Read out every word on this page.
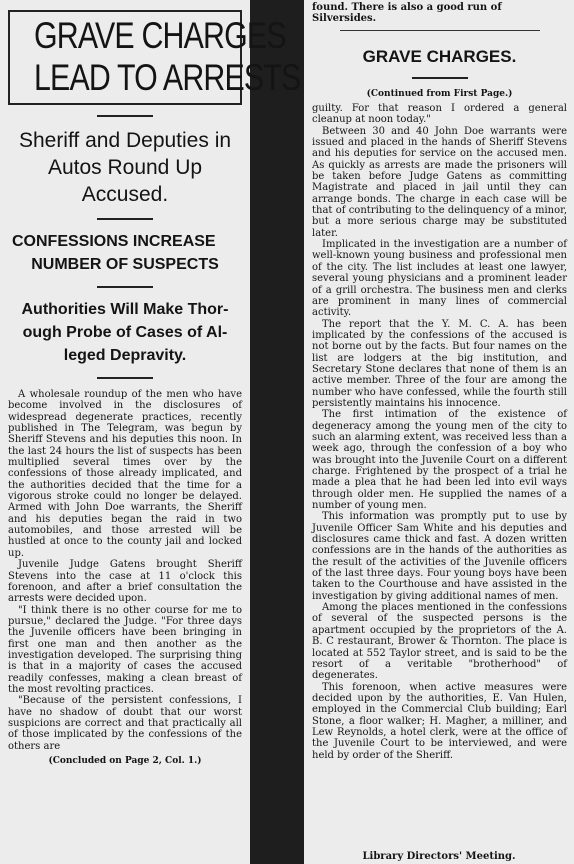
GRAVE CHARGES
LEAD TO ARRESTS
Sheriff and Deputies in
Autos Round Up
Accused.
CONFESSIONS INCREASE
NUMBER OF SUSPECTS
Authorities Will Make Thor-
ough Probe of Cases of Al-
leged Depravity.

A wholesale roundup of the men who have become involved in the disclosures of widespread degenerate practices, recently published in The Telegram, was begun by Sheriff Stevens and his deputies this noon. In the last 24 hours the list of suspects has been multiplied several times over by the confessions of those already implicated, and the authorities decided that the time for a vigorous stroke could no longer be delayed. Armed with John Doe warrants, the Sheriff and his deputies began the raid in two automobiles, and those arrested will be hustled at once to the county jail and locked up.

Juvenile Judge Gatens brought Sheriff Stevens into the case at 11 o'clock this forenoon, and after a brief consultation the arrests were decided upon.

"I think there is no other course for me to pursue," declared the Judge. "For three days the Juvenile officers have been bringing in first one man and then another as the investigation developed. The surprising thing is that in a majority of cases the accused readily confesses, making a clean breast of the most revolting practices.

"Because of the persistent confessions, I have no shadow of doubt that our worst suspicions are correct and that practically all of those implicated by the confessions of the others are

(Concluded on Page 2, Col. 1.)

found. There is also a good run of

Silversides.

GRAVE CHARGES.
(Continued from First Page.)

guilty. For that reason I ordered a general cleanup at noon today."

Between 30 and 40 John Doe warrants were issued and placed in the hands of Sheriff Stevens and his deputies for service on the accused men. As quickly as arrests are made the prisoners will be taken before Judge Gatens as committing Magistrate and placed in jail until they can arrange bonds. The charge in each case will be that of contributing to the delinquency of a minor, but a more serious charge may be substituted later.

Implicated in the investigation are a number of well-known young business and professional men of the city. The list includes at least one lawyer, several young physicians and a prominent leader of a grill orchestra. The business men and clerks are prominent in many lines of commercial activity.

The report that the Y. M. C. A. has been implicated by the confessions of the accused is not borne out by the facts. But four names on the list are lodgers at the big institution, and Secretary Stone declares that none of them is an active member. Three of the four are among the number who have confessed, while the fourth still persistently maintains his innocence.

The first intimation of the existence of degeneracy among the young men of the city to such an alarming extent, was received less than a week ago, through the confession of a boy who was brought into the Juvenile Court on a different charge. Frightened by the prospect of a trial he made a plea that he had been led into evil ways through older men. He supplied the names of a number of young men.

This information was promptly put to use by Juvenile Officer Sam White and his deputies and disclosures came thick and fast. A dozen written confessions are in the hands of the authorities as the result of the activities of the Juvenile officers of the last three days. Four young boys have been taken to the Courthouse and have assisted in the investigation by giving additional names of men.

Among the places mentioned in the confessions of several of the suspected persons is the apartment occupied by the proprietors of the A. B. C restaurant, Brower & Thornton. The place is located at 552 Taylor street, and is said to be the resort of a veritable "brotherhood" of degenerates.

This forenoon, when active measures were decided upon by the authorities, E. Van Hulen, employed in the Commercial Club building; Earl Stone, a floor walker; H. Magher, a milliner, and Lew Reynolds, a hotel clerk, were at the office of the Juvenile Court to be interviewed, and were held by order of the Sheriff.

Library Directors' Meeting.
